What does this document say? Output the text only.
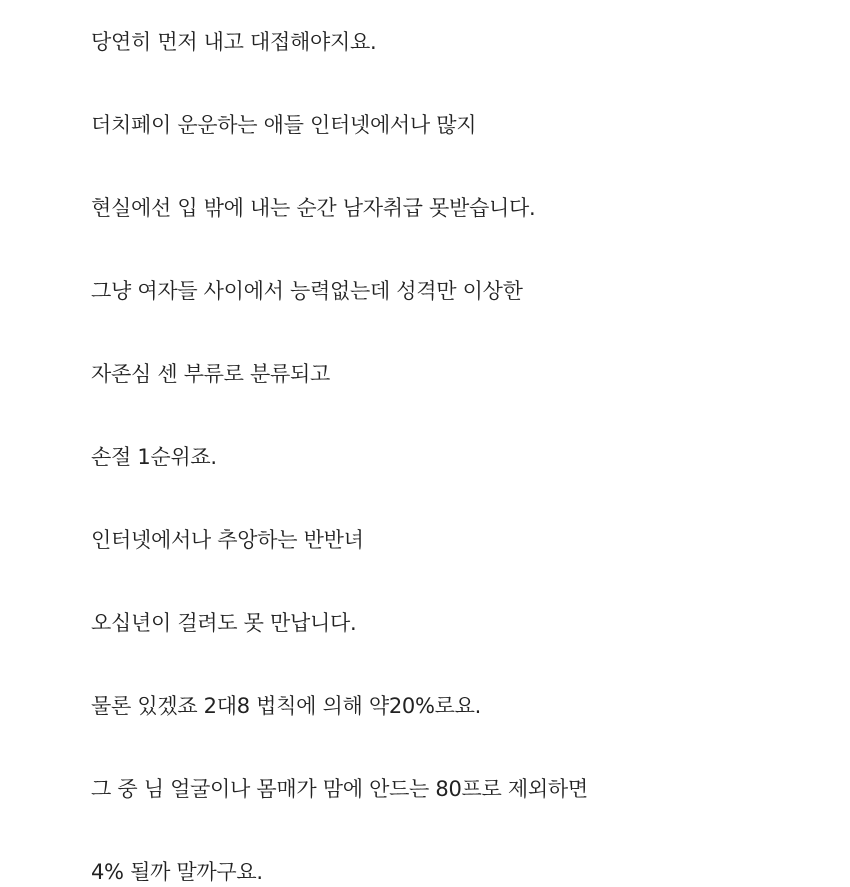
당연히 먼저 내고 대접해야지요.

더치페이 운운하는 애들 인터넷에서나 많지

현실에선 입 밖에 내는 순간 남자취급 못받습니다.

그냥 여자들 사이에서 능력없는데 성격만 이상한

자존심 센 부류로 분류되고

손절 1순위죠.

인터넷에서나 추앙하는 반반녀

오십년이 걸려도 못 만납니다.

물론 있겠죠 2대8 법칙에 의해 약20%로요.

그 중 님 얼굴이나 몸매가 맘에 안드는 80프로 제외하면

4% 될까 말까구요.
